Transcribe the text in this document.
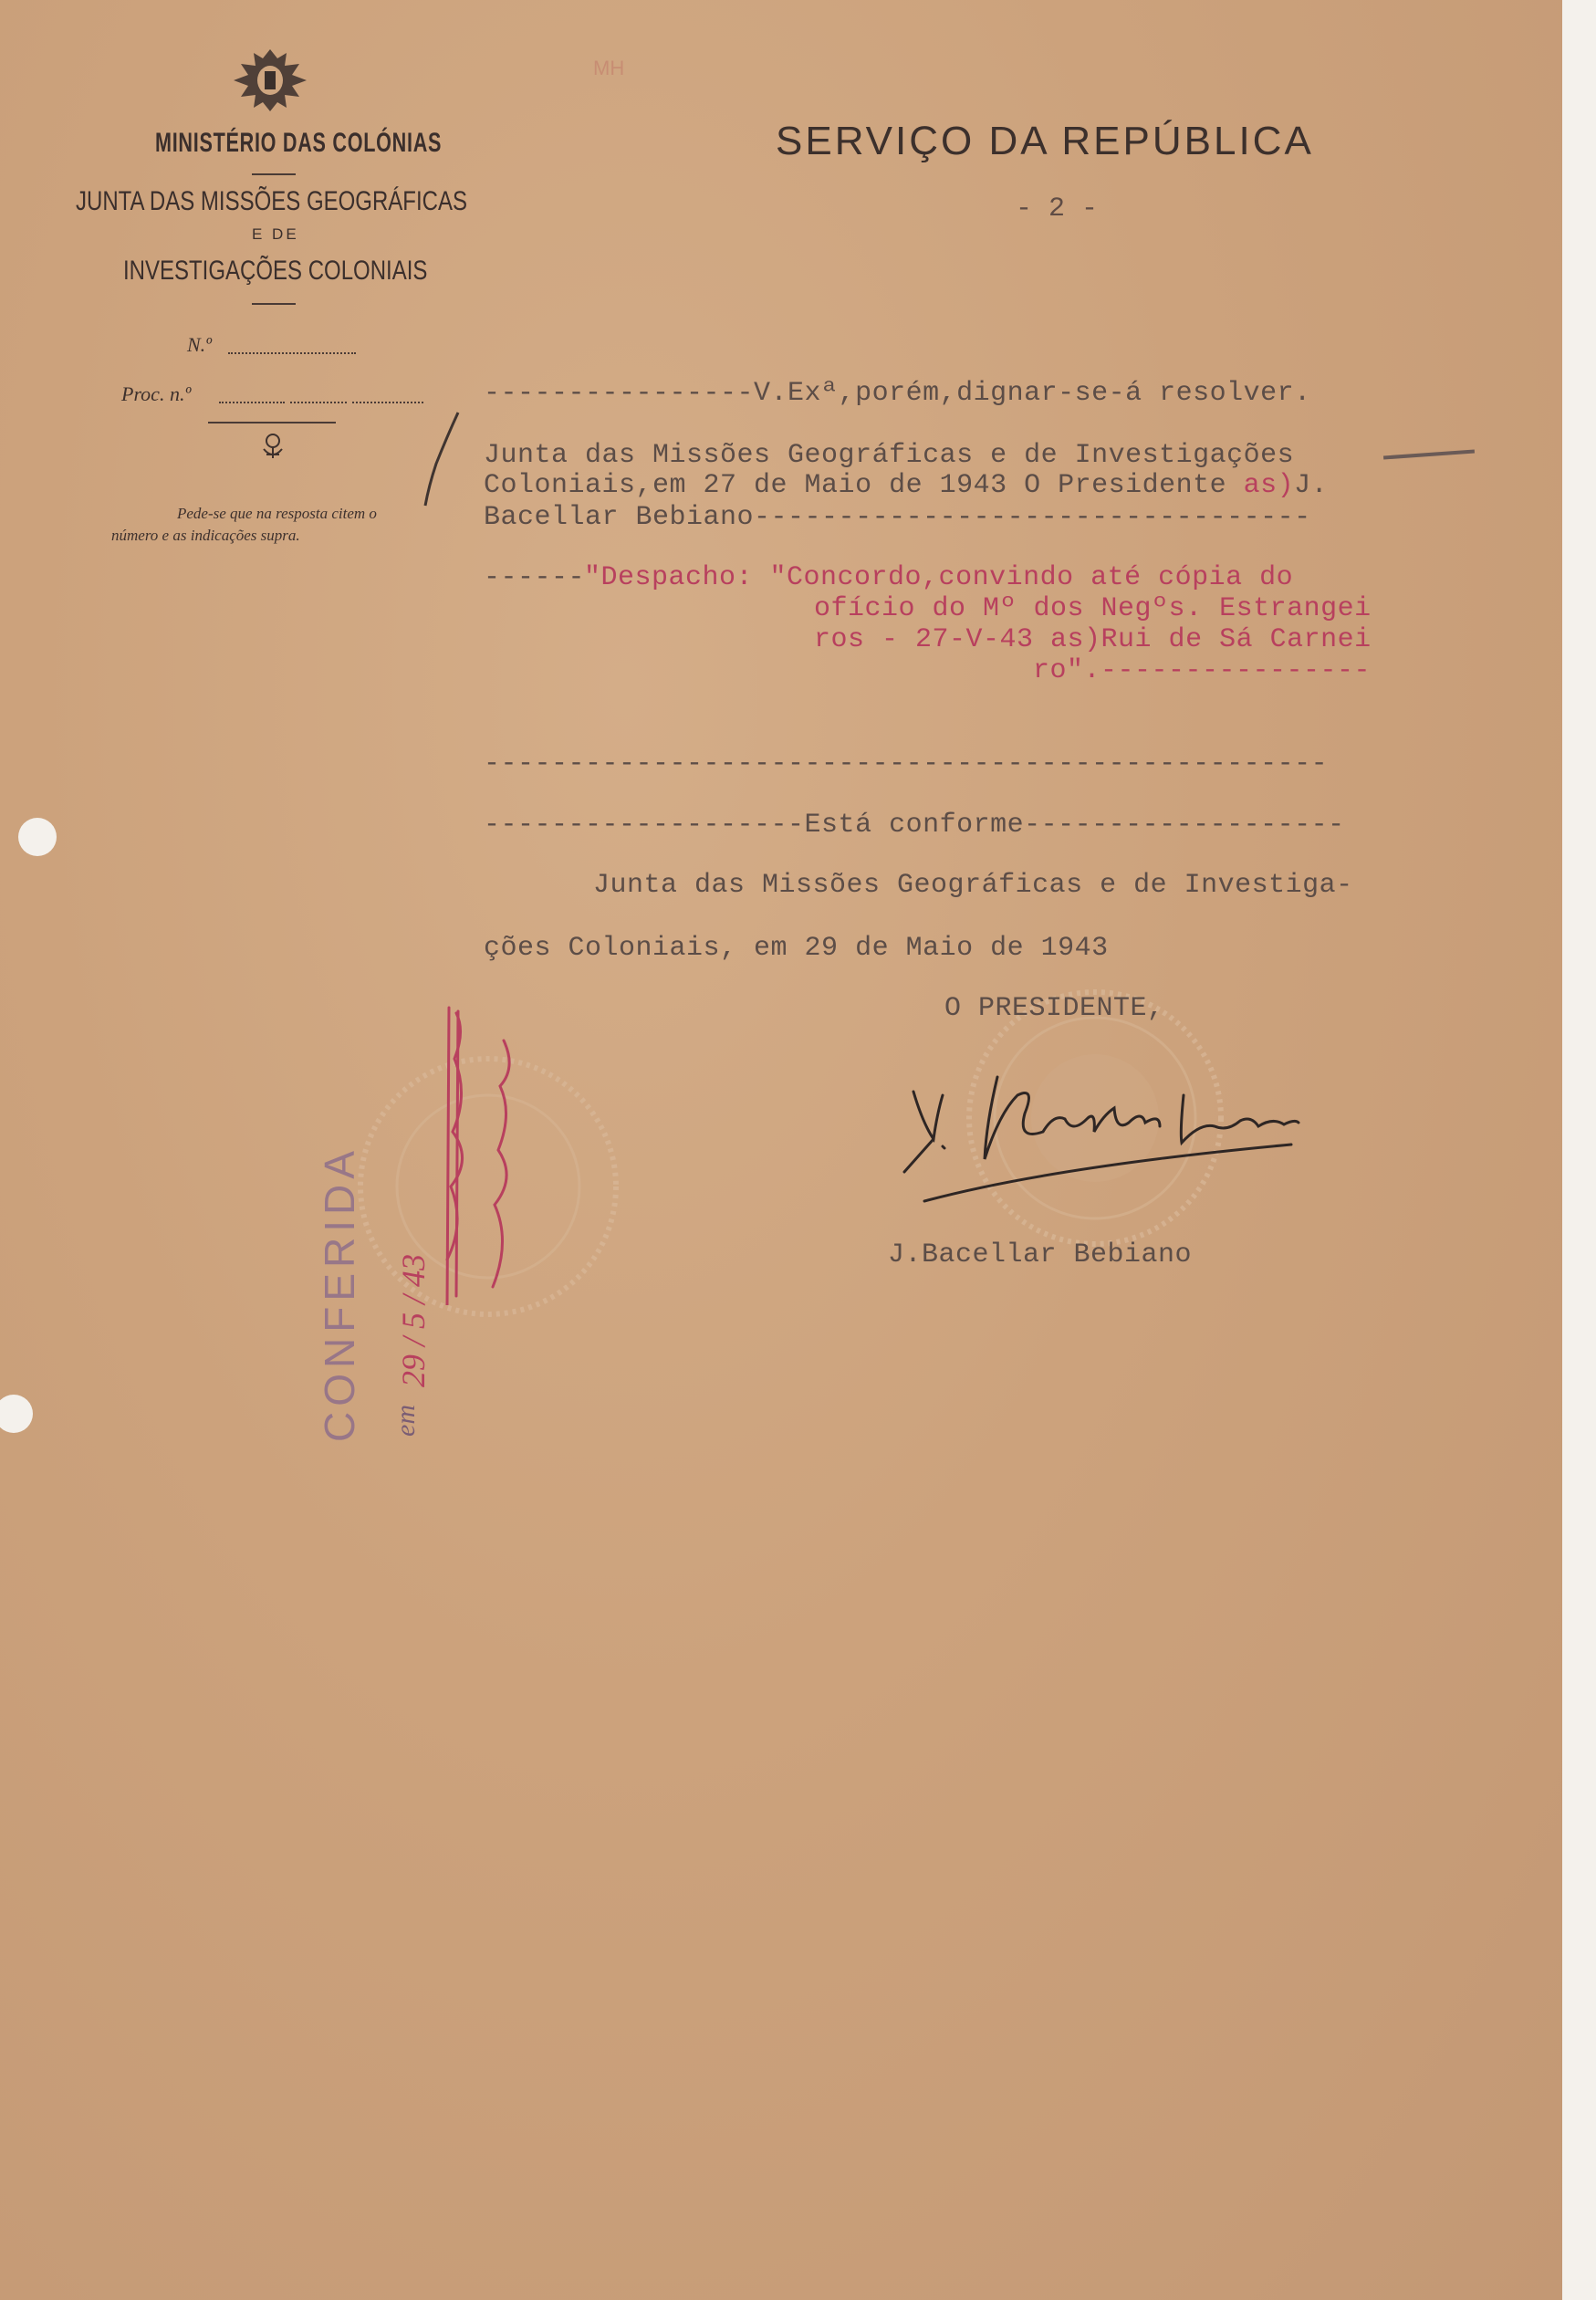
MINISTÉRIO DAS COLÓNIAS
JUNTA DAS MISSÕES GEOGRÁFICAS
E DE
INVESTIGAÇÕES COLONIAIS
N.º
Proc. n.º
Pede-se que na resposta citem o
número e as indicações supra.
SERVIÇO DA REPÚBLICA
- 2 -
MH
----------------V.Exª,porém,dignar-se-á resolver.
Junta das Missões Geográficas e de Investigações
Coloniais,em 27 de Maio de 1943 O Presidente as)J.
Bacellar Bebiano---------------------------------
------
"Despacho: "Concordo,convindo até cópia do
ofício do Mº dos Negºs. Estrangei
ros - 27-V-43 as)Rui de Sá Carnei
ro".----------------
--------------------------------------------------
-------------------Está conforme-------------------
Junta das Missões Geográficas e de Investiga-
ções Coloniais, em 29 de Maio de 1943
O PRESIDENTE,
J.Bacellar Bebiano
CONFERIDA em
29 / 5 / 43
